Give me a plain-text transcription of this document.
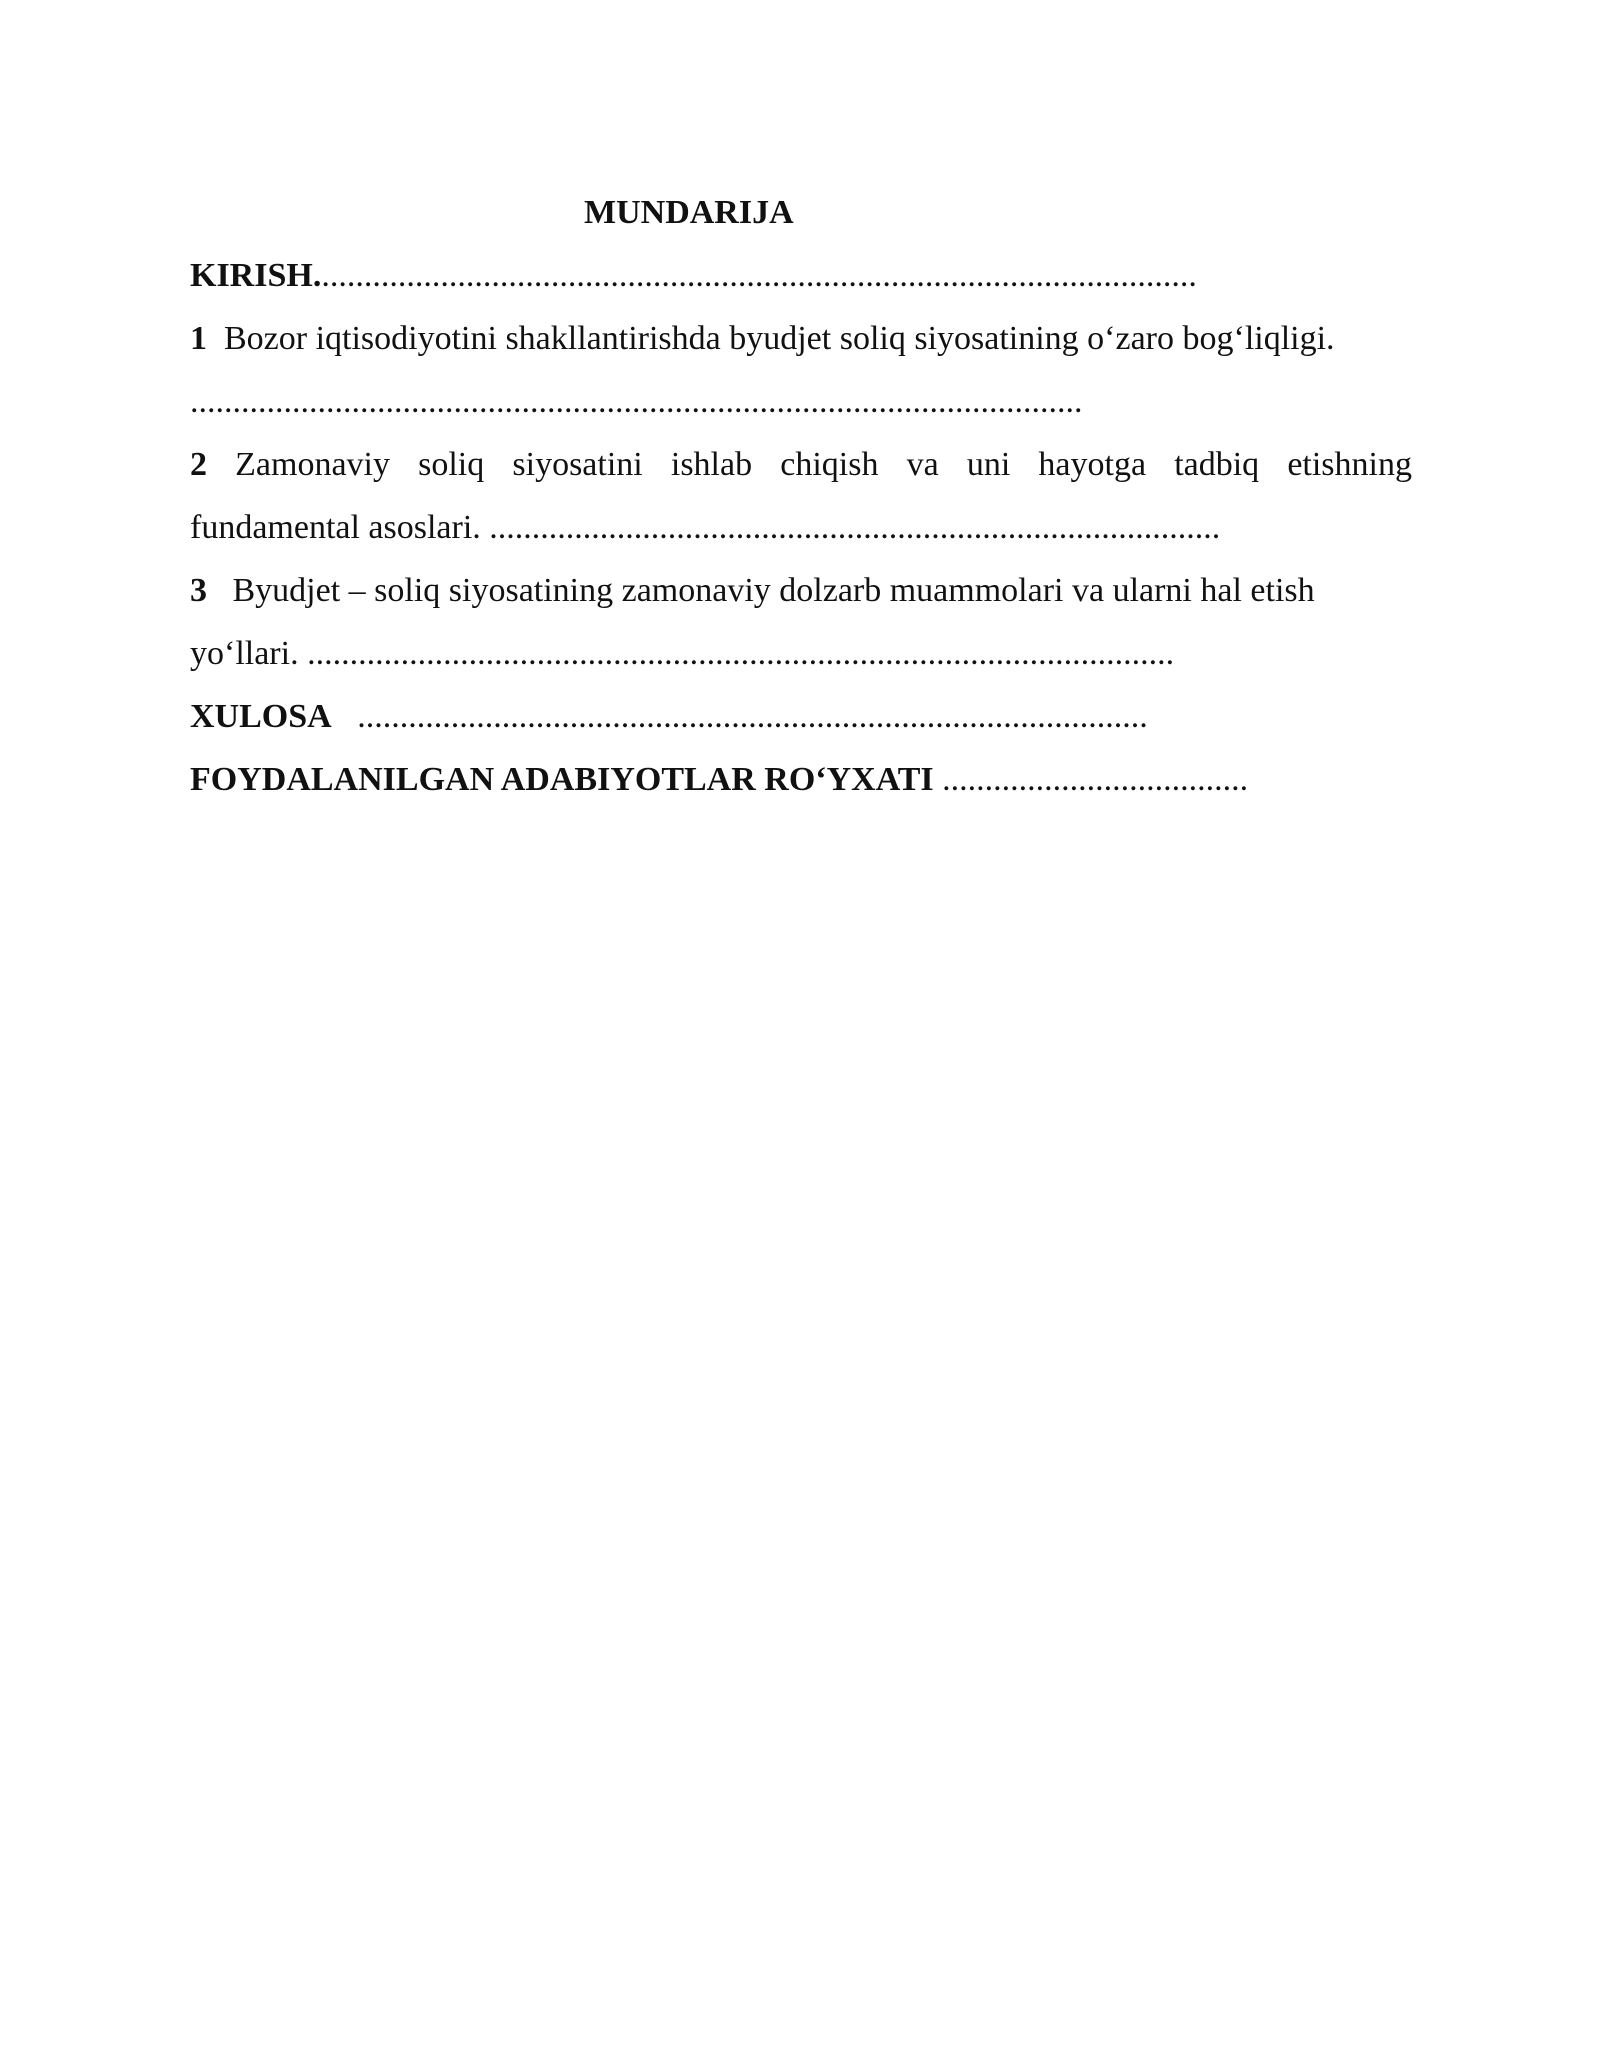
MUNDARIJA
KIRISH........................................................................................................
1 Bozor iqtisodiyotini shakllantirishda byudjet soliq siyosatining o‘zaro bog‘liqligi.
.........................................................................................................
2 Zamonaviy soliq siyosatini ishlab chiqish va uni hayotga tadbiq etishning
fundamental asoslari. ......................................................................................
3 Byudjet – soliq siyosatining zamonaviy dolzarb muammolari va ularni hal etish
yo‘llari. ......................................................................................................
XULOSA .............................................................................................
FOYDALANILGAN ADABIYOTLAR RO‘YXATI ....................................
